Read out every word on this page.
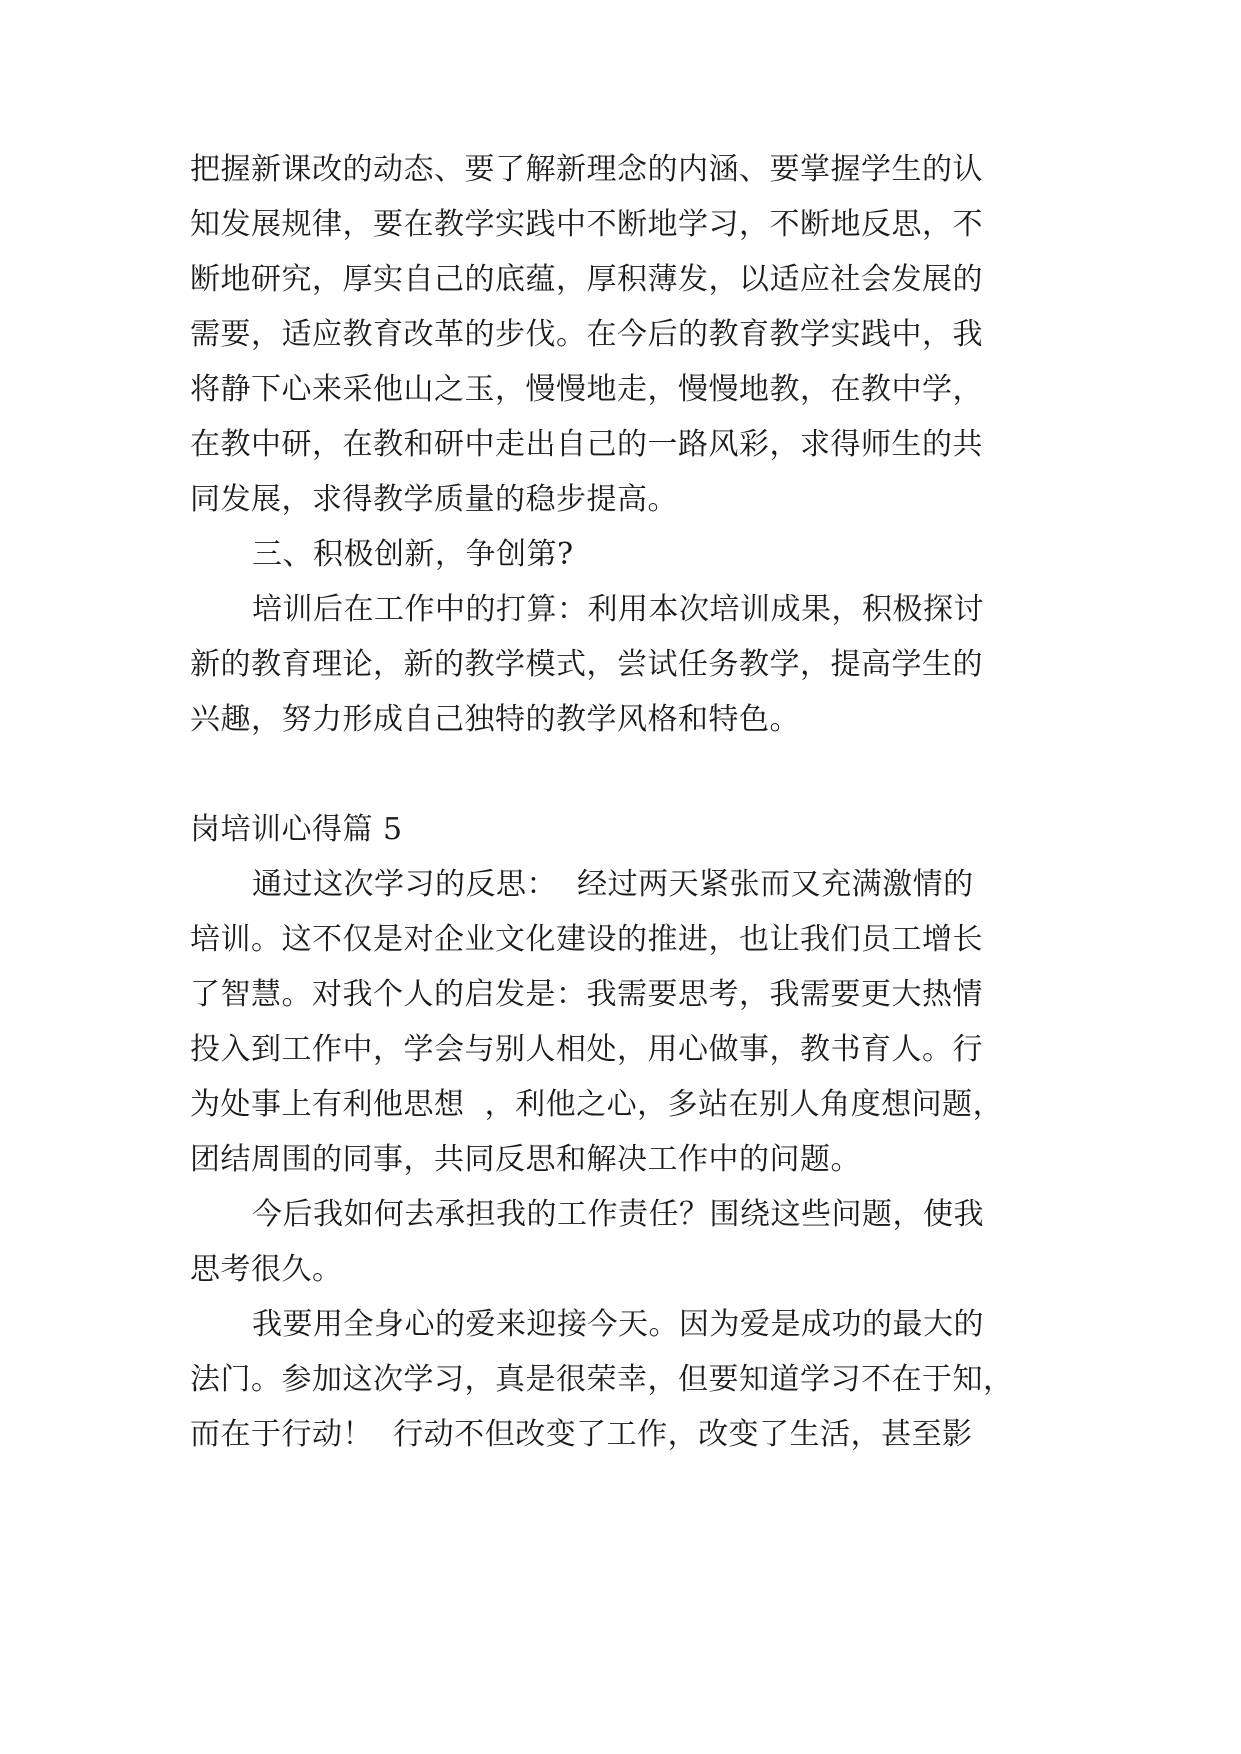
把握新课改的动态、要了解新理念的内涵、要掌握学生的认
知发展规律，要在教学实践中不断地学习，不断地反思，不
断地研究，厚实自己的底蕴，厚积薄发，以适应社会发展的
需要，适应教育改革的步伐。在今后的教育教学实践中，我
将静下心来采他山之玉，慢慢地走，慢慢地教，在教中学，
在教中研，在教和研中走出自己的一路风彩，求得师生的共
同发展，求得教学质量的稳步提高。
三、积极创新，争创第?
培训后在工作中的打算：利用本次培训成果，积极探讨
新的教育理论，新的教学模式，尝试任务教学，提高学生的
兴趣，努力形成自己独特的教学风格和特色。
岗培训心得篇 5
通过这次学习的反思：  经过两天紧张而又充满激情的
培训。这不仅是对企业文化建设的推进，也让我们员工增长
了智慧。对我个人的启发是：我需要思考，我需要更大热情
投入到工作中，学会与别人相处，用心做事，教书育人。行
为处事上有利他思想  ，利他之心，多站在别人角度想问题，
团结周围的同事，共同反思和解决工作中的问题。
今后我如何去承担我的工作责任？围绕这些问题，使我
思考很久。
我要用全身心的爱来迎接今天。因为爱是成功的最大的
法门。参加这次学习，真是很荣幸，但要知道学习不在于知，
而在于行动！  行动不但改变了工作，改变了生活，甚至影
